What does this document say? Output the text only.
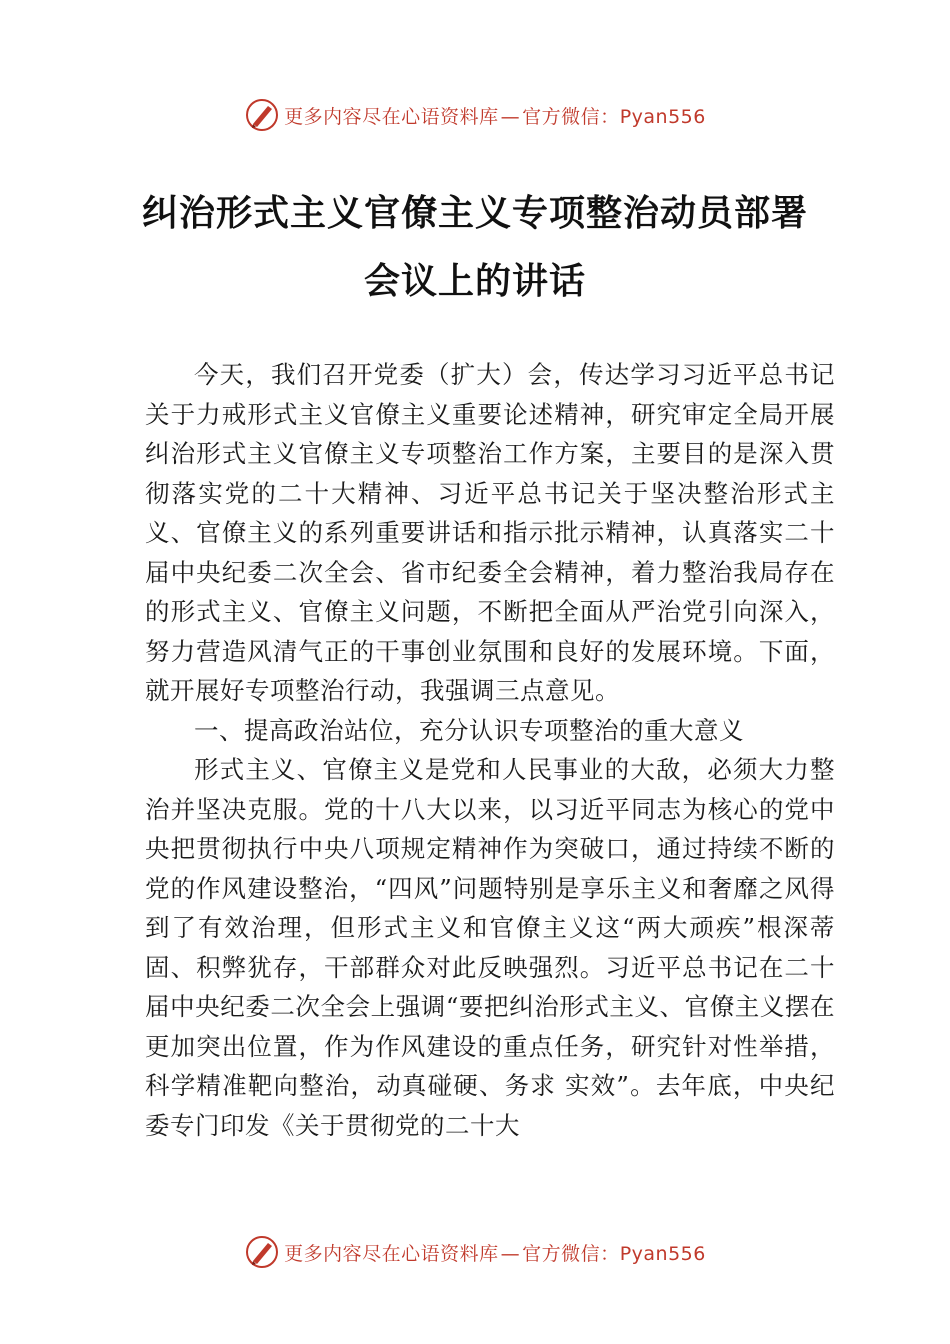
更多内容尽在心语资料库 — 官方微信：Pyan556
纠治形式主义官僚主义专项整治动员部署
会议上的讲话

今天，我们召开党委（扩大）会，传达学习习近平总书记关于力戒形式主义官僚主义重要论述精神，研究审定全局开展纠治形式主义官僚主义专项整治工作方案，主要目的是深入贯彻落实党的二十大精神、习近平总书记关于坚决整治形式主义、官僚主义的系列重要讲话和指示批示精神，认真落实二十届中央纪委二次全会、省市纪委全会精神，着力整治我局存在的形式主义、官僚主义问题，不断把全面从严治党引向深入，努力营造风清气正的干事创业氛围和良好的发展环境。下面，就开展好专项整治行动，我强调三点意见。

一、提高政治站位，充分认识专项整治的重大意义

形式主义、官僚主义是党和人民事业的大敌，必须大力整治并坚决克服。党的十八大以来，以习近平同志为核心的党中央把贯彻执行中央八项规定精神作为突破口，通过持续不断的党的作风建设整治，“四风”问题特别是享乐主义和奢靡之风得到了有效治理，但形式主义和官僚主义这“两大顽疾”根深蒂固、积弊犹存，干部群众对此反映强烈。习近平总书记在二十届中央纪委二次全会上强调“要把纠治形式主义、官僚主义摆在更加突出位置，作为作风建设的重点任务，研究针对性举措，科学精准靶向整治，动真碰硬、务求 实效”。去年底，中央纪委专门印发《关于贯彻党的二十大

更多内容尽在心语资料库 — 官方微信：Pyan556
